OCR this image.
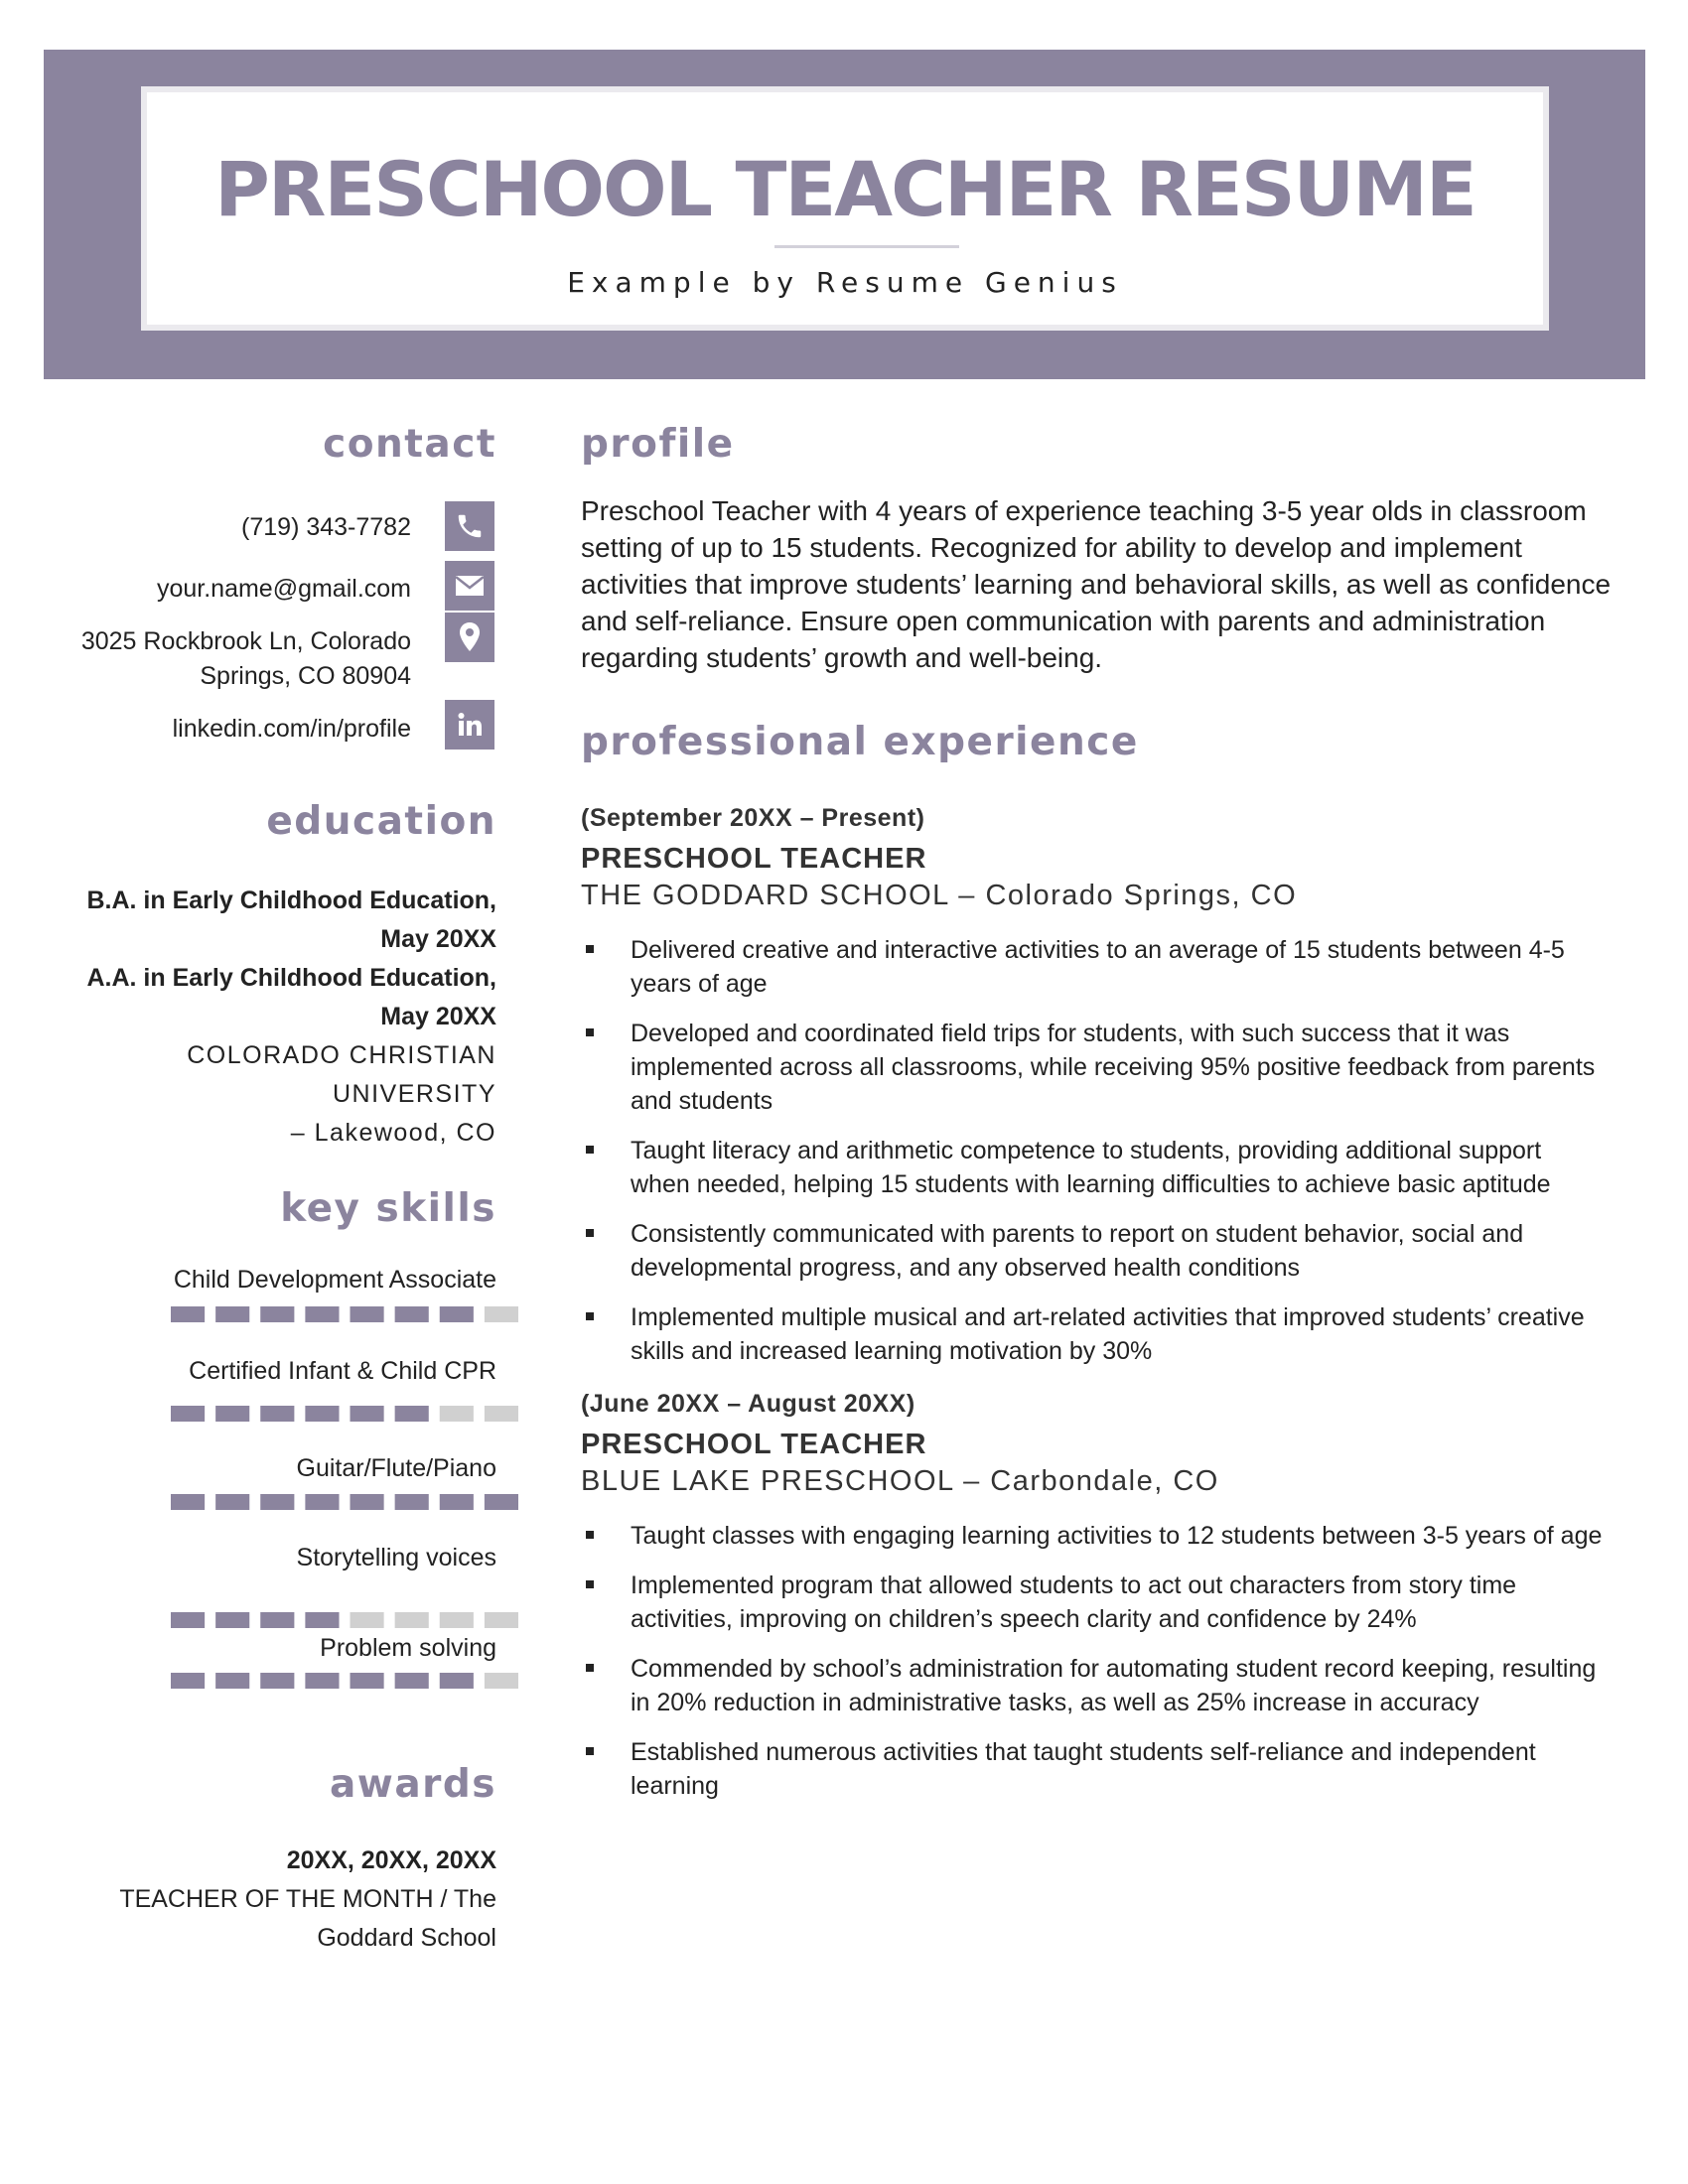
PRESCHOOL TEACHER RESUME

Example by Resume Genius

contact
(719) 343-7782
your.name@gmail.com
3025 Rockbrook Ln, Colorado
Springs, CO 80904
linkedin.com/in/profile
education
B.A. in Early Childhood Education,
May 20XX
A.A. in Early Childhood Education,
May 20XX
COLORADO CHRISTIAN
UNIVERSITY
– Lakewood, CO
key skills
Child Development Associate
Certified Infant & Child CPR
Guitar/Flute/Piano
Storytelling voices
Problem solving
awards
20XX, 20XX, 20XX
TEACHER OF THE MONTH / The
Goddard School
profile

Preschool Teacher with 4 years of experience teaching 3-5 year olds in classroom setting of up to 15 students. Recognized for ability to develop and implement activities that improve students’ learning and behavioral skills, as well as confidence and self-reliance. Ensure open communication with parents and administration regarding students’ growth and well-being.

professional experience

(September 20XX – Present)

PRESCHOOL TEACHER

THE GODDARD SCHOOL – Colorado Springs, CO

Delivered creative and interactive activities to an average of 15 students between 4-5 years of age
Developed and coordinated field trips for students, with such success that it was implemented across all classrooms, while receiving 95% positive feedback from parents and students
Taught literacy and arithmetic competence to students, providing additional support when needed, helping 15 students with learning difficulties to achieve basic aptitude
Consistently communicated with parents to report on student behavior, social and developmental progress, and any observed health conditions
Implemented multiple musical and art-related activities that improved students’ creative skills and increased learning motivation by 30%

(June 20XX – August 20XX)

PRESCHOOL TEACHER

BLUE LAKE PRESCHOOL – Carbondale, CO

Taught classes with engaging learning activities to 12 students between 3-5 years of age
Implemented program that allowed students to act out characters from story time activities, improving on children’s speech clarity and confidence by 24%
Commended by school’s administration for automating student record keeping, resulting in 20% reduction in administrative tasks, as well as 25% increase in accuracy
Established numerous activities that taught students self-reliance and independent learning
